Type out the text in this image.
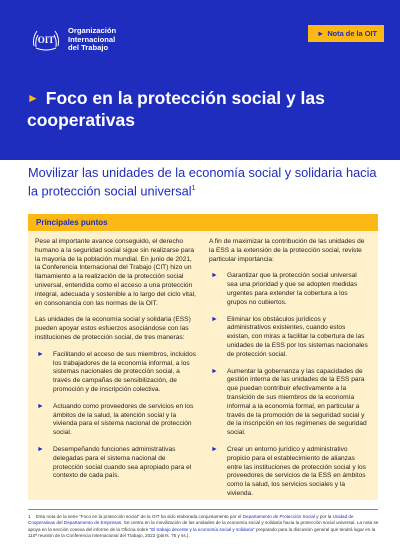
OIT
Organización
Internacional
del Trabajo
► Nota de la OIT
► Foco en la protección social y las cooperativas
Mayo de 2022
Movilizar las unidades de la economía social y solidaria hacia la protección social universal$^1$
Principales puntos

Pese al importante avance conseguido, el derecho humano a la seguridad social sigue sin realizarse para la mayoría de la población mundial. En junio de 2021, la Conferencia Internacional del Trabajo (CIT) hizo un llamamiento a la realización de la protección social universal, entendida como el acceso a una protección integral, adecuada y sostenible a lo largo del ciclo vital, en consonancia con las normas de la OIT.

Las unidades de la economía social y solidaria (ESS) pueden apoyar estos esfuerzos asociándose con las instituciones de protección social, de tres maneras:

► Facilitando el acceso de sus miembros, incluidos los trabajadores de la economía informal, a los sistemas nacionales de protección social, a través de campañas de sensibilización, de promoción y de inscripción colectiva.
► Actuando como proveedores de servicios en los ámbitos de la salud, la atención social y la vivienda para el sistema nacional de protección social.
► Desempeñando funciones administrativas delegadas para el sistema nacional de protección social cuando sea apropiado para el contexto de cada país.

A fin de maximizar la contribución de las unidades de la ESS a la extensión de la protección social, reviste particular importancia:

► Garantizar que la protección social universal sea una prioridad y que se adopten medidas urgentes para extender la cobertura a los grupos no cubiertos.
► Eliminar los obstáculos jurídicos y administrativos existentes, cuando estos existan, con miras a facilitar la cobertura de las unidades de la ESS por los sistemas nacionales de protección social.
► Aumentar la gobernanza y las capacidades de gestión interna de las unidades de la ESS para que puedan contribuir efectivamente a la transición de sus miembros de la economía informal a la economía formal, en particular a través de la promoción de la seguridad social y de la inscripción en los regímenes de seguridad social.
► Crear un entorno jurídico y administrativo propicio para el establecimiento de alianzas entre las instituciones de protección social y los proveedores de servicios de la ESS en ámbitos como la salud, los servicios sociales y la vivienda.
1 Esta nota de la serie "Foco en la protección social" de la OIT ha sido elaborada conjuntamente por el Departamento de Protección Social y por la Unidad de Cooperativas del Departamento de Empresas. Se centra en la movilización de las unidades de la economía social y solidaria hacia la protección social universal. La nota se apoya en la sección conexa del informe de la Oficina sobre "El trabajo decente y la economía social y solidaria" preparado para la discusión general que tendrá lugar en la 110ª reunión de la Conferencia Internacional del Trabajo, 2022 (párrs. 75 y ss.).
